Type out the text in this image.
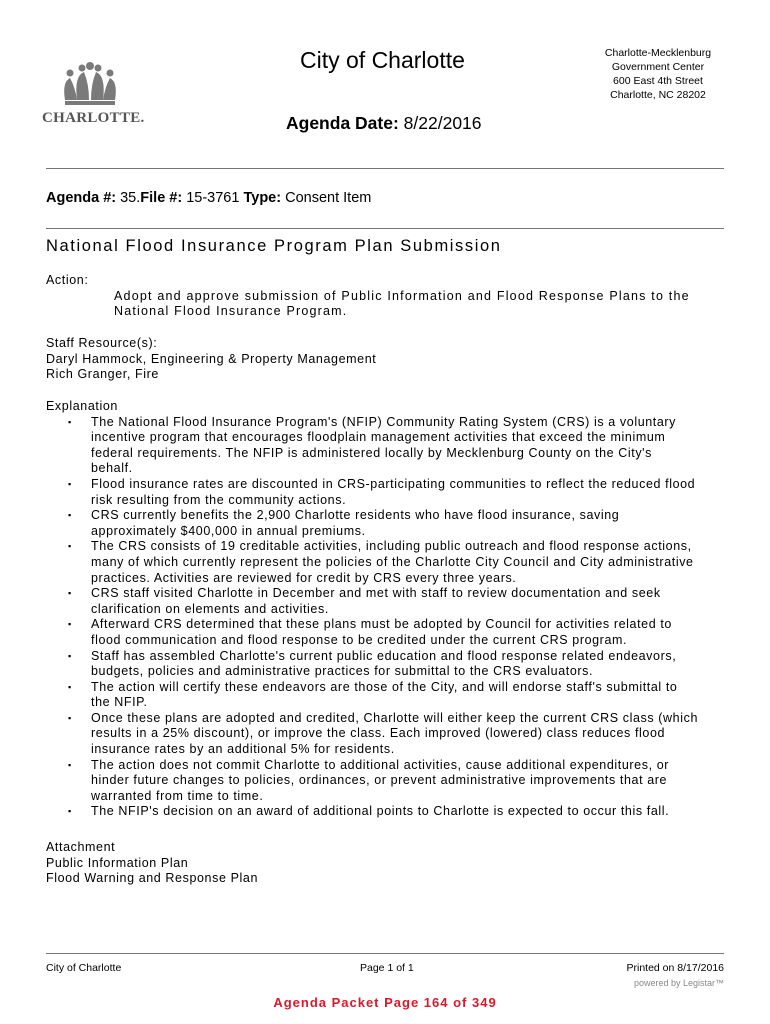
CHARLOTTE.
City of Charlotte	Charlotte-Mecklenburg
Government Center
600 East 4th Street
Charlotte, NC 28202
Agenda Date: 8/22/2016
Agenda #: 35.File #: 15-3761 Type: Consent Item
National Flood Insurance Program Plan Submission
Action:
Adopt and approve submission of Public Information and Flood Response Plans to the
National Flood Insurance Program.
Staff Resource(s):
Daryl Hammock, Engineering & Property Management
Rich Granger, Fire
Explanation
▪ The National Flood Insurance Program's (NFIP) Community Rating System (CRS) is a voluntary
incentive program that encourages floodplain management activities that exceed the minimum
federal requirements. The NFIP is administered locally by Mecklenburg County on the City's
behalf.
▪ Flood insurance rates are discounted in CRS-participating communities to reflect the reduced flood
risk resulting from the community actions.
▪ CRS currently benefits the 2,900 Charlotte residents who have flood insurance, saving
approximately $400,000 in annual premiums.
▪ The CRS consists of 19 creditable activities, including public outreach and flood response actions,
many of which currently represent the policies of the Charlotte City Council and City administrative
practices. Activities are reviewed for credit by CRS every three years.
▪ CRS staff visited Charlotte in December and met with staff to review documentation and seek
clarification on elements and activities.
▪ Afterward CRS determined that these plans must be adopted by Council for activities related to
flood communication and flood response to be credited under the current CRS program.
▪ Staff has assembled Charlotte's current public education and flood response related endeavors,
budgets, policies and administrative practices for submittal to the CRS evaluators.
▪ The action will certify these endeavors are those of the City, and will endorse staff's submittal to
the NFIP.
▪ Once these plans are adopted and credited, Charlotte will either keep the current CRS class (which
results in a 25% discount), or improve the class. Each improved (lowered) class reduces flood
insurance rates by an additional 5% for residents.
▪ The action does not commit Charlotte to additional activities, cause additional expenditures, or
hinder future changes to policies, ordinances, or prevent administrative improvements that are
warranted from time to time.
▪ The NFIP's decision on an award of additional points to Charlotte is expected to occur this fall.
Attachment
Public Information Plan
Flood Warning and Response Plan
City of Charlotte	Page 1 of 1	Printed on 8/17/2016
powered by Legistar™
Agenda Packet Page 164 of 349
